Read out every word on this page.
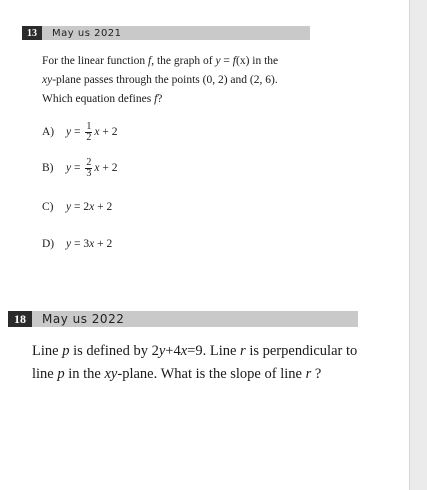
13	May us 2021
For the linear function f, the graph of y = f(x) in the
xy-plane passes through the points (0, 2) and (2, 6).
Which equation defines f?
A)	$y = \frac{1}{2}$ x + 2
B)	$y = \frac{2}{3}$ x + 2
C)	y = 2 x + 2
D)	y = 3 x + 2
18	May us 2022
Line p is defined by 2y+4x=9. Line r is perpendicular to line p in the xy-plane. What is the slope of line r ?
